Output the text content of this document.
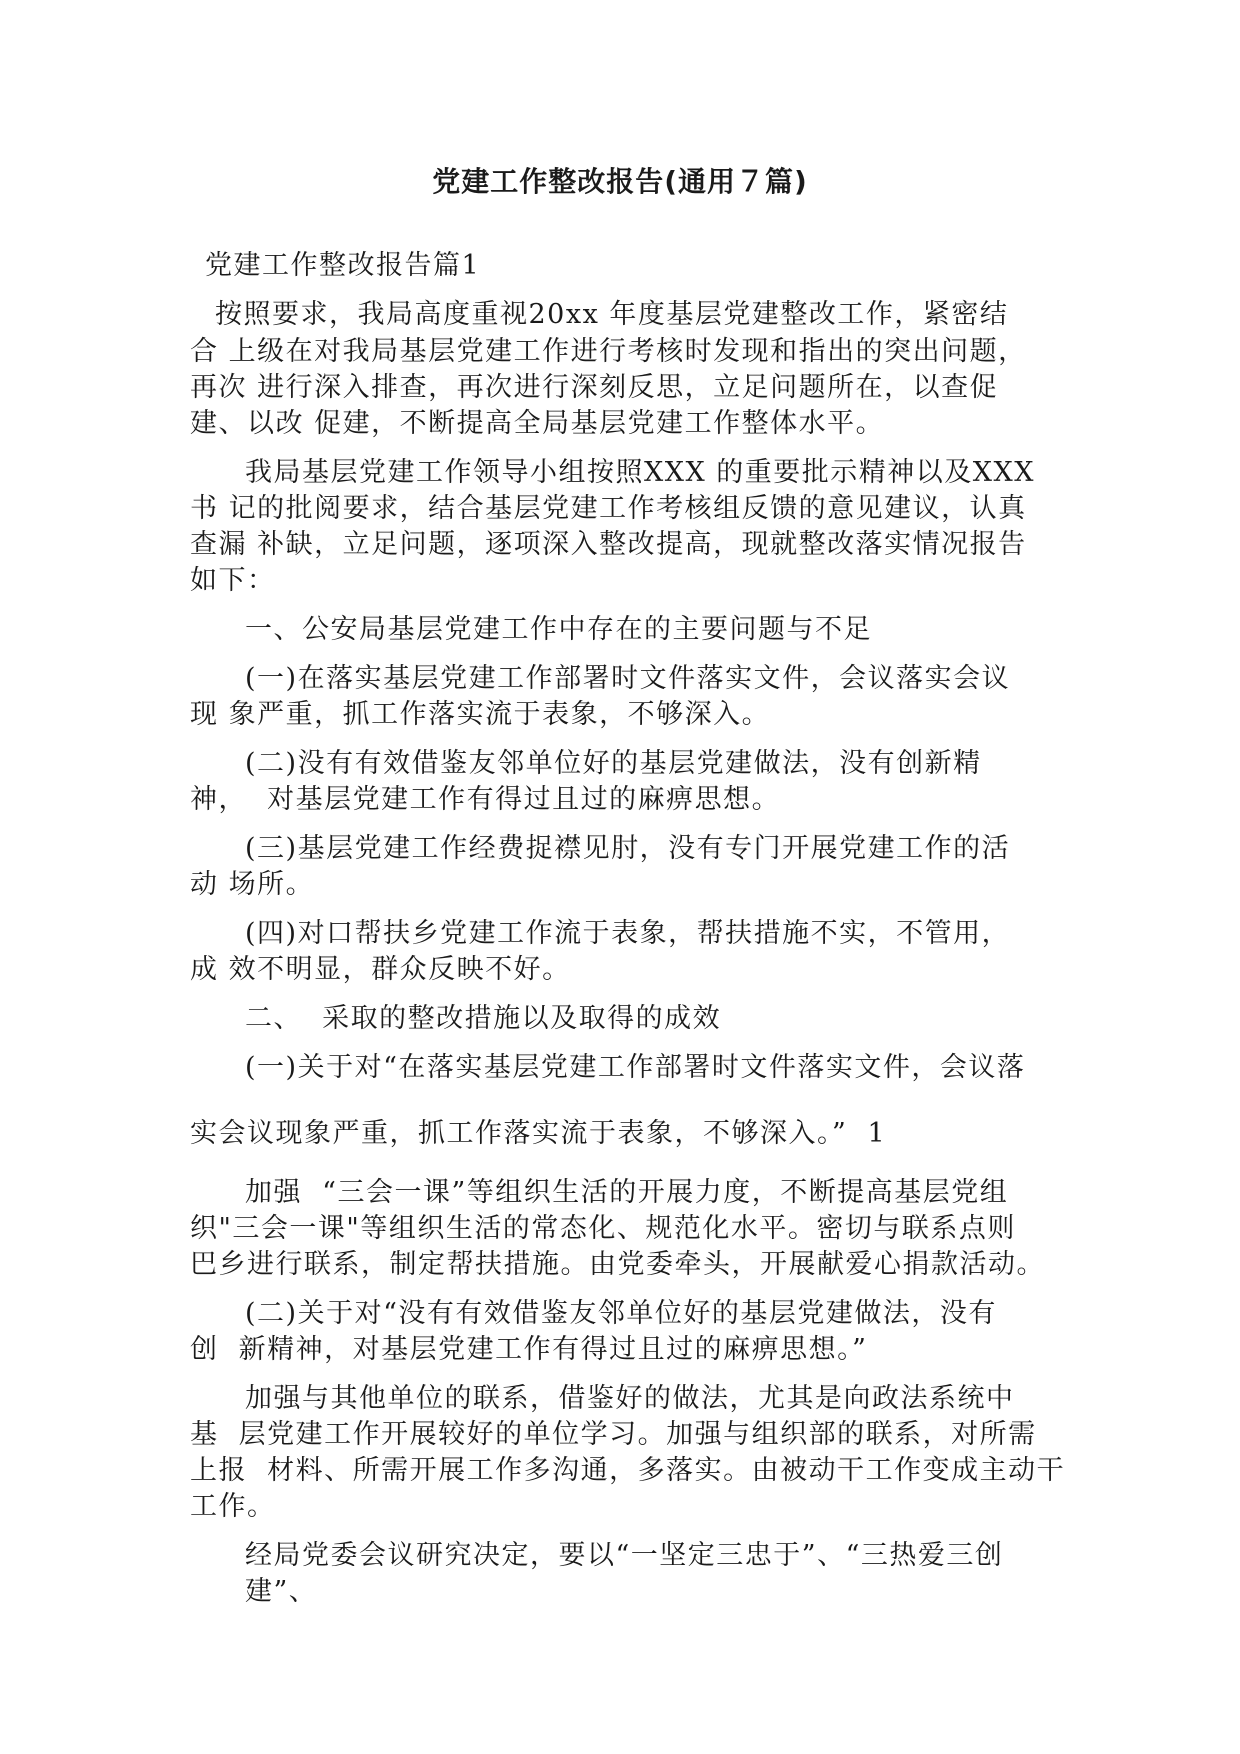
党建工作整改报告(通用７篇)
党建工作整改报告篇1
按照要求，我局高度重视20xx 年度基层党建整改工作，紧密结
合 上级在对我局基层党建工作进行考核时发现和指出的突出问题，
再次 进行深入排查，再次进行深刻反思，立足问题所在，以查促
建、以改 促建，不断提高全局基层党建工作整体水平。
我局基层党建工作领导小组按照XXX 的重要批示精神以及XXX
书 记的批阅要求，结合基层党建工作考核组反馈的意见建议，认真
查漏 补缺，立足问题，逐项深入整改提高，现就整改落实情况报告
如下：
一、公安局基层党建工作中存在的主要问题与不足
(一)在落实基层党建工作部署时文件落实文件，会议落实会议
现 象严重，抓工作落实流于表象，不够深入。
(二)没有有效借鉴友邻单位好的基层党建做法，没有创新精
神，  对基层党建工作有得过且过的麻痹思想。
(三)基层党建工作经费捉襟见肘，没有专门开展党建工作的活
动 场所。
(四)对口帮扶乡党建工作流于表象，帮扶措施不实，不管用，
成 效不明显，群众反映不好。
二、  采取的整改措施以及取得的成效
(一)关于对“在落实基层党建工作部署时文件落实文件，会议落
实会议现象严重，抓工作落实流于表象，不够深入。”  1
加强  “三会一课”等组织生活的开展力度，不断提高基层党组
织"三会一课"等组织生活的常态化、规范化水平。密切与联系点则
巴乡进行联系，制定帮扶措施。由党委牵头，开展献爱心捐款活动。
(二)关于对“没有有效借鉴友邻单位好的基层党建做法，没有
创  新精神，对基层党建工作有得过且过的麻痹思想。”
加强与其他单位的联系，借鉴好的做法，尤其是向政法系统中
基  层党建工作开展较好的单位学习。加强与组织部的联系，对所需
上报  材料、所需开展工作多沟通，多落实。由被动干工作变成主动干
工作。
经局党委会议研究决定，要以“一坚定三忠于”、“三热爱三创
建”、
